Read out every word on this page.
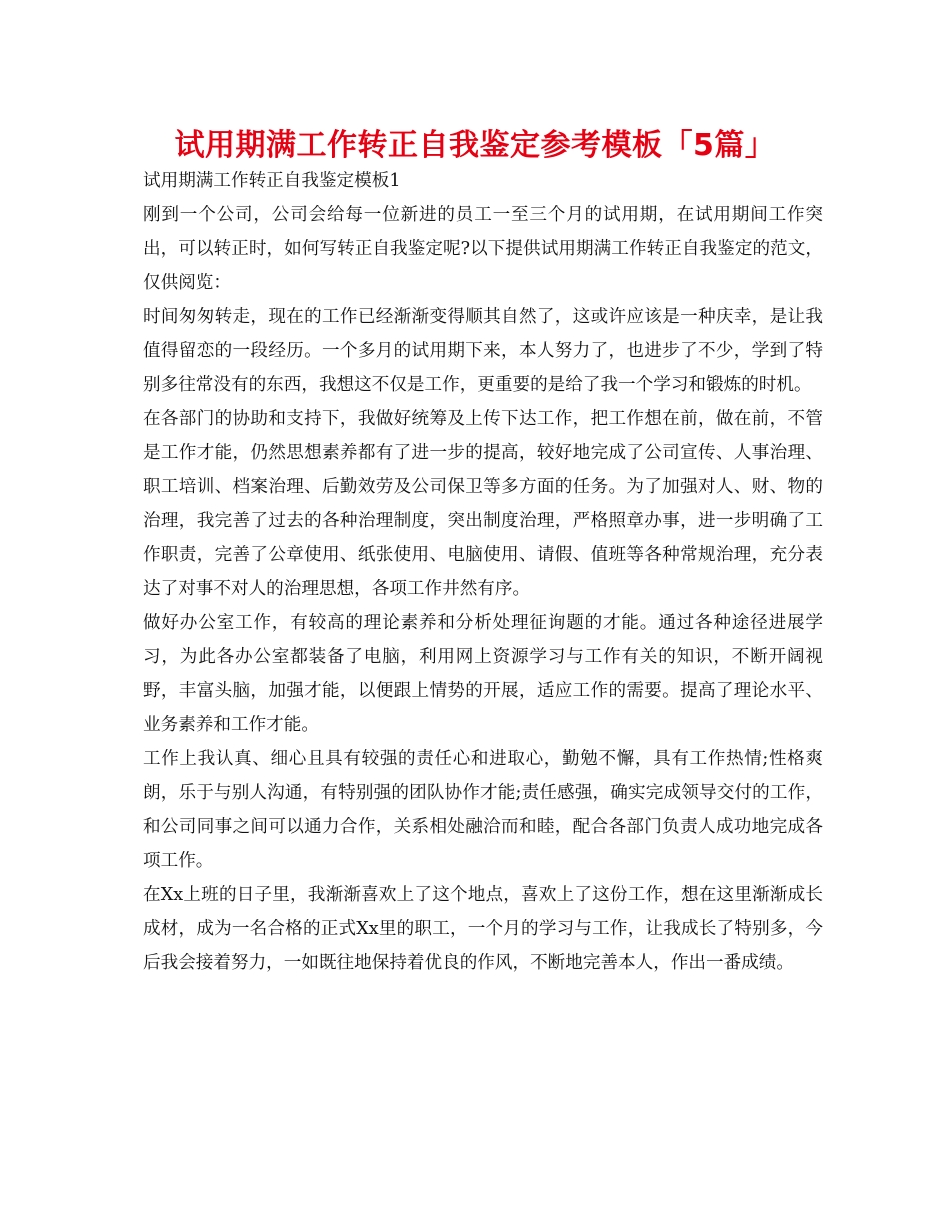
试用期满工作转正自我鉴定参考模板「5篇」

试用期满工作转正自我鉴定模板1

刚到一个公司，公司会给每一位新进的员工一至三个月的试用期，在试用期间工作突出，可以转正时，如何写转正自我鉴定呢?以下提供试用期满工作转正自我鉴定的范文，仅供阅览：

时间匆匆转走，现在的工作已经渐渐变得顺其自然了，这或许应该是一种庆幸，是让我值得留恋的一段经历。一个多月的试用期下来，本人努力了，也进步了不少，学到了特别多往常没有的东西，我想这不仅是工作，更重要的是给了我一个学习和锻炼的时机。

在各部门的协助和支持下，我做好统筹及上传下达工作，把工作想在前，做在前，不管是工作才能，仍然思想素养都有了进一步的提高，较好地完成了公司宣传、人事治理、职工培训、档案治理、后勤效劳及公司保卫等多方面的任务。为了加强对人、财、物的治理，我完善了过去的各种治理制度，突出制度治理，严格照章办事，进一步明确了工作职责，完善了公章使用、纸张使用、电脑使用、请假、值班等各种常规治理，充分表达了对事不对人的治理思想，各项工作井然有序。

做好办公室工作，有较高的理论素养和分析处理征询题的才能。通过各种途径进展学习，为此各办公室都装备了电脑，利用网上资源学习与工作有关的知识，不断开阔视野，丰富头脑，加强才能，以便跟上情势的开展，适应工作的需要。提高了理论水平、业务素养和工作才能。

工作上我认真、细心且具有较强的责任心和进取心，勤勉不懈，具有工作热情;性格爽朗，乐于与别人沟通，有特别强的团队协作才能;责任感强，确实完成领导交付的工作，和公司同事之间可以通力合作，关系相处融洽而和睦，配合各部门负责人成功地完成各项工作。

在Xx上班的日子里，我渐渐喜欢上了这个地点，喜欢上了这份工作，想在这里渐渐成长成材，成为一名合格的正式Xx里的职工，一个月的学习与工作，让我成长了特别多，今后我会接着努力，一如既往地保持着优良的作风，不断地完善本人，作出一番成绩。
